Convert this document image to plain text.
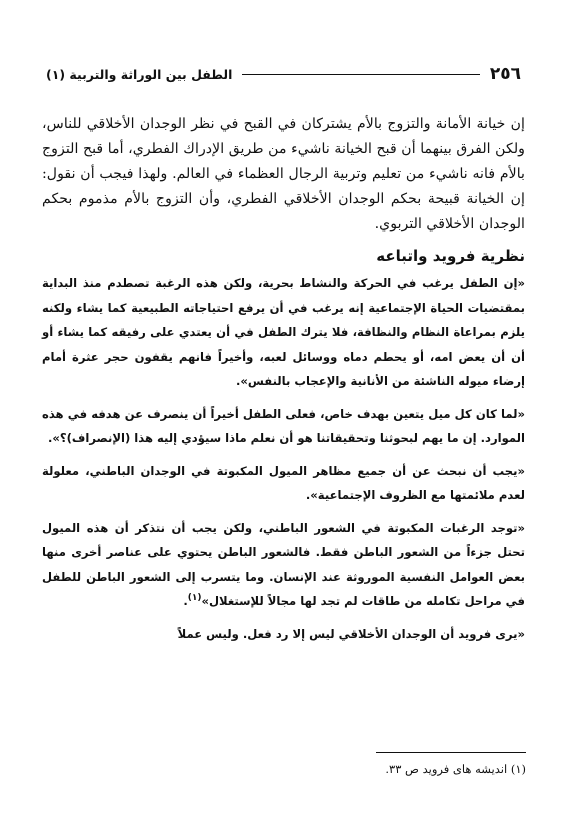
٢٥٦
الطفل بين الوراثة والتربية (١)

إن خيانة الأمانة والتزوج بالأم يشتركان في القبح في نظر الوجدان الأخلاقي للناس، ولكن الفرق بينهما أن قبح الخيانة ناشيء من طريق الإدراك الفطري، أما قبح التزوج بالأم فانه ناشيء من تعليم وتربية الرجال العظماء في العالم. ولهذا فيجب أن نقول: إن الخيانة قبيحة بحكم الوجدان الأخلاقي الفطري، وأن التزوج بالأم مذموم بحكم الوجدان الأخلاقي التربوي.

نظرية فرويد واتباعه

«إن الطفل يرغب في الحركة والنشاط بحرية، ولكن هذه الرغبة تصطدم منذ البداية بمقتضيات الحياة الإجتماعية إنه يرغب في أن يرفع احتياجاته الطبيعية كما يشاء ولكنه يلزم بمراعاة النظام والنظافة، فلا يترك الطفل في أن يعتدي على رفيقه كما يشاء أو أن أن يعض امه، أو يحطم دماه ووسائل لعبه، وأخيراً فانهم يقفون حجر عثرة أمام إرضاء ميوله الناشئة من الأنانية والإعجاب بالنفس».

«لما كان كل ميل يتعين بهدف خاص، فعلى الطفل أخيراً أن ينصرف عن هدفه في هذه الموارد. إن ما يهم لبحوثنا وتحقيقاتنا هو أن نعلم ماذا سيؤدي إليه هذا (الإنصراف)؟».

«يجب أن نبحث عن أن جميع مظاهر الميول المكبوتة في الوجدان الباطني، معلولة لعدم ملائمتها مع الظروف الإجتماعية».

«توجد الرغبات المكبوتة في الشعور الباطني، ولكن يجب أن نتذكر أن هذه الميول تحتل جزءاً من الشعور الباطن فقط. فالشعور الباطن يحتوي على عناصر أخرى منها بعض العوامل النفسية الموروثة عند الإنسان. وما يتسرب إلى الشعور الباطن للطفل في مراحل تكامله من طاقات لم تجد لها مجالاً للإستغلال»$^{(١)}$.

«يرى فرويد أن الوجدان الأخلاقي ليس إلا رد فعل. وليس عملاً

(١) انديشه هاى فرويد ص ٣٣.
